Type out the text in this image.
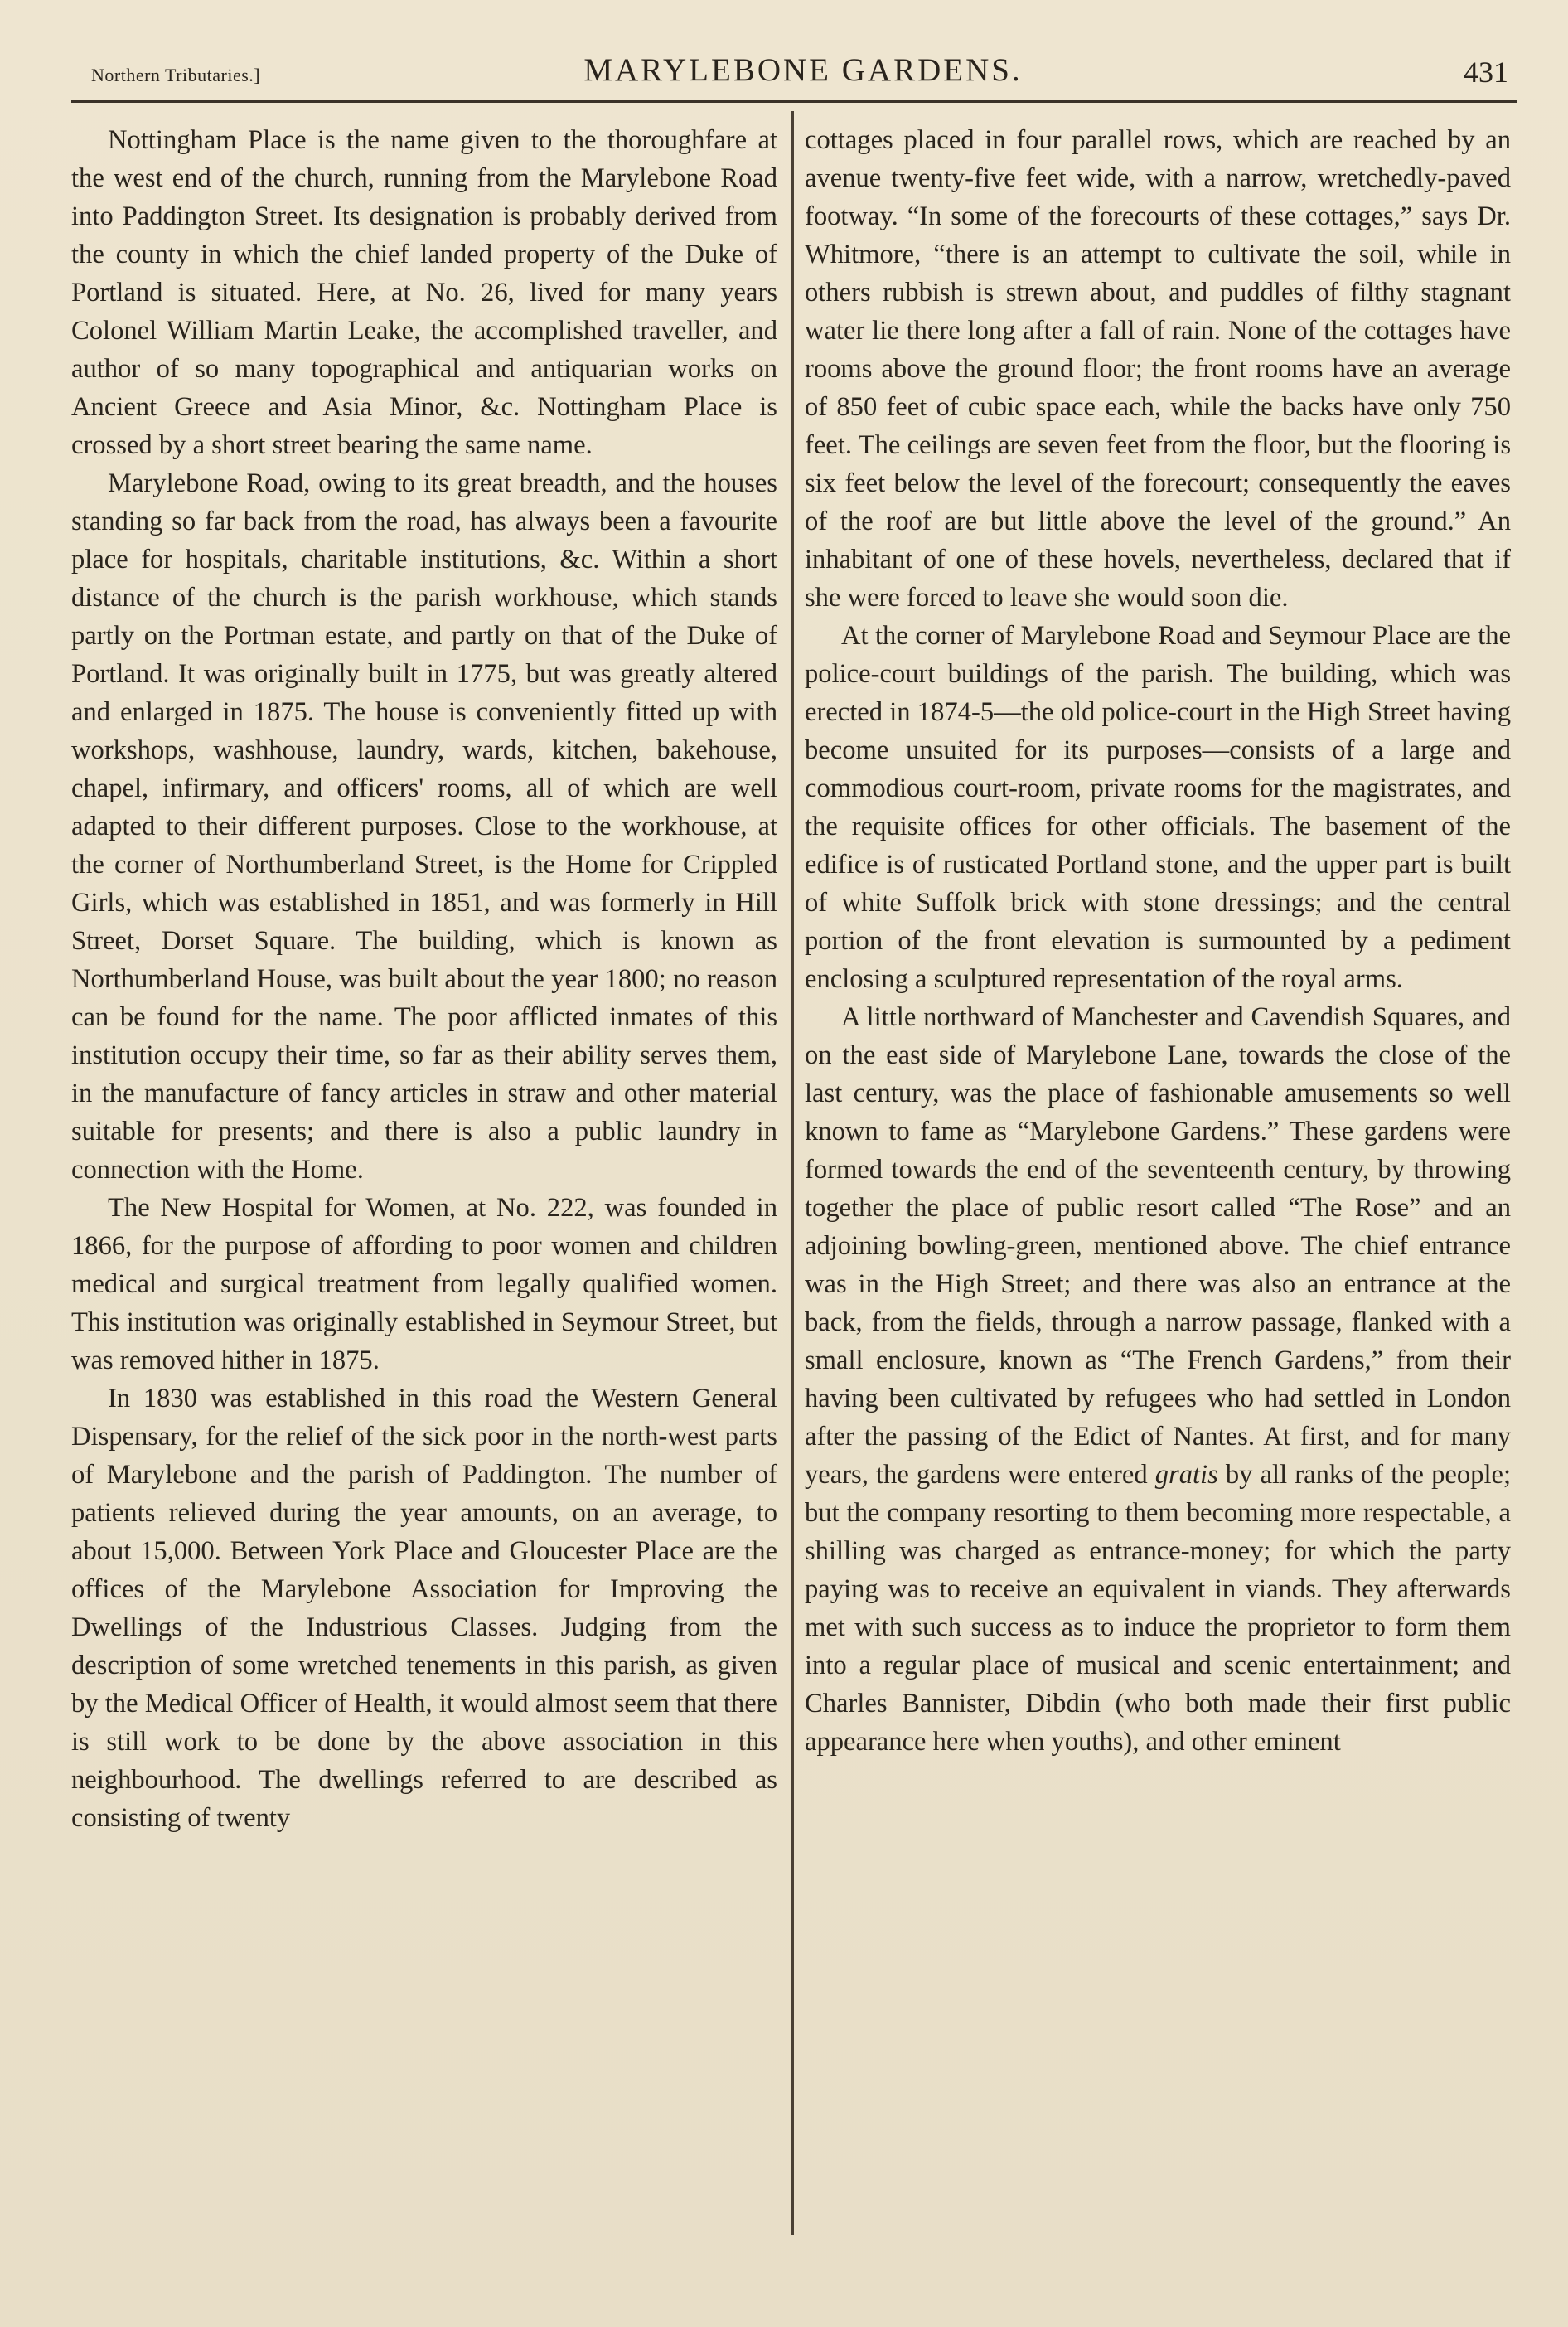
Northern Tributaries.]	MARYLEBONE GARDENS.	431

Nottingham Place is the name given to the thoroughfare at the west end of the church, running from the Marylebone Road into Paddington Street. Its designation is probably derived from the county in which the chief landed property of the Duke of Portland is situated. Here, at No. 26, lived for many years Colonel William Martin Leake, the accomplished traveller, and author of so many topographical and antiquarian works on Ancient Greece and Asia Minor, &c. Nottingham Place is crossed by a short street bearing the same name.

Marylebone Road, owing to its great breadth, and the houses standing so far back from the road, has always been a favourite place for hospitals, charitable institutions, &c. Within a short distance of the church is the parish workhouse, which stands partly on the Portman estate, and partly on that of the Duke of Portland. It was originally built in 1775, but was greatly altered and enlarged in 1875. The house is conveniently fitted up with workshops, washhouse, laundry, wards, kitchen, bakehouse, chapel, infirmary, and officers' rooms, all of which are well adapted to their different purposes. Close to the workhouse, at the corner of Northumberland Street, is the Home for Crippled Girls, which was established in 1851, and was formerly in Hill Street, Dorset Square. The building, which is known as Northumberland House, was built about the year 1800; no reason can be found for the name. The poor afflicted inmates of this institution occupy their time, so far as their ability serves them, in the manufacture of fancy articles in straw and other material suitable for presents; and there is also a public laundry in connection with the Home.

The New Hospital for Women, at No. 222, was founded in 1866, for the purpose of affording to poor women and children medical and surgical treatment from legally qualified women. This institution was originally established in Seymour Street, but was removed hither in 1875.

In 1830 was established in this road the Western General Dispensary, for the relief of the sick poor in the north-west parts of Marylebone and the parish of Paddington. The number of patients relieved during the year amounts, on an average, to about 15,000. Between York Place and Gloucester Place are the offices of the Marylebone Association for Improving the Dwellings of the Industrious Classes. Judging from the description of some wretched tenements in this parish, as given by the Medical Officer of Health, it would almost seem that there is still work to be done by the above association in this neighbourhood. The dwellings referred to are described as consisting of twenty

cottages placed in four parallel rows, which are reached by an avenue twenty-five feet wide, with a narrow, wretchedly-paved footway. “In some of the forecourts of these cottages,” says Dr. Whitmore, “there is an attempt to cultivate the soil, while in others rubbish is strewn about, and puddles of filthy stagnant water lie there long after a fall of rain. None of the cottages have rooms above the ground floor; the front rooms have an average of 850 feet of cubic space each, while the backs have only 750 feet. The ceilings are seven feet from the floor, but the flooring is six feet below the level of the forecourt; consequently the eaves of the roof are but little above the level of the ground.” An inhabitant of one of these hovels, nevertheless, declared that if she were forced to leave she would soon die.

At the corner of Marylebone Road and Seymour Place are the police-court buildings of the parish. The building, which was erected in 1874-5—the old police-court in the High Street having become unsuited for its purposes—consists of a large and commodious court-room, private rooms for the magistrates, and the requisite offices for other officials. The basement of the edifice is of rusticated Portland stone, and the upper part is built of white Suffolk brick with stone dressings; and the central portion of the front elevation is surmounted by a pediment enclosing a sculptured representation of the royal arms.

A little northward of Manchester and Cavendish Squares, and on the east side of Marylebone Lane, towards the close of the last century, was the place of fashionable amusements so well known to fame as “Marylebone Gardens.” These gardens were formed towards the end of the seventeenth century, by throwing together the place of public resort called “The Rose” and an adjoining bowling-green, mentioned above. The chief entrance was in the High Street; and there was also an entrance at the back, from the fields, through a narrow passage, flanked with a small enclosure, known as “The French Gardens,” from their having been cultivated by refugees who had settled in London after the passing of the Edict of Nantes. At first, and for many years, the gardens were entered gratis by all ranks of the people; but the company resorting to them becoming more respectable, a shilling was charged as entrance-money; for which the party paying was to receive an equivalent in viands. They afterwards met with such success as to induce the proprietor to form them into a regular place of musical and scenic entertainment; and Charles Bannister, Dibdin (who both made their first public appearance here when youths), and other eminent
